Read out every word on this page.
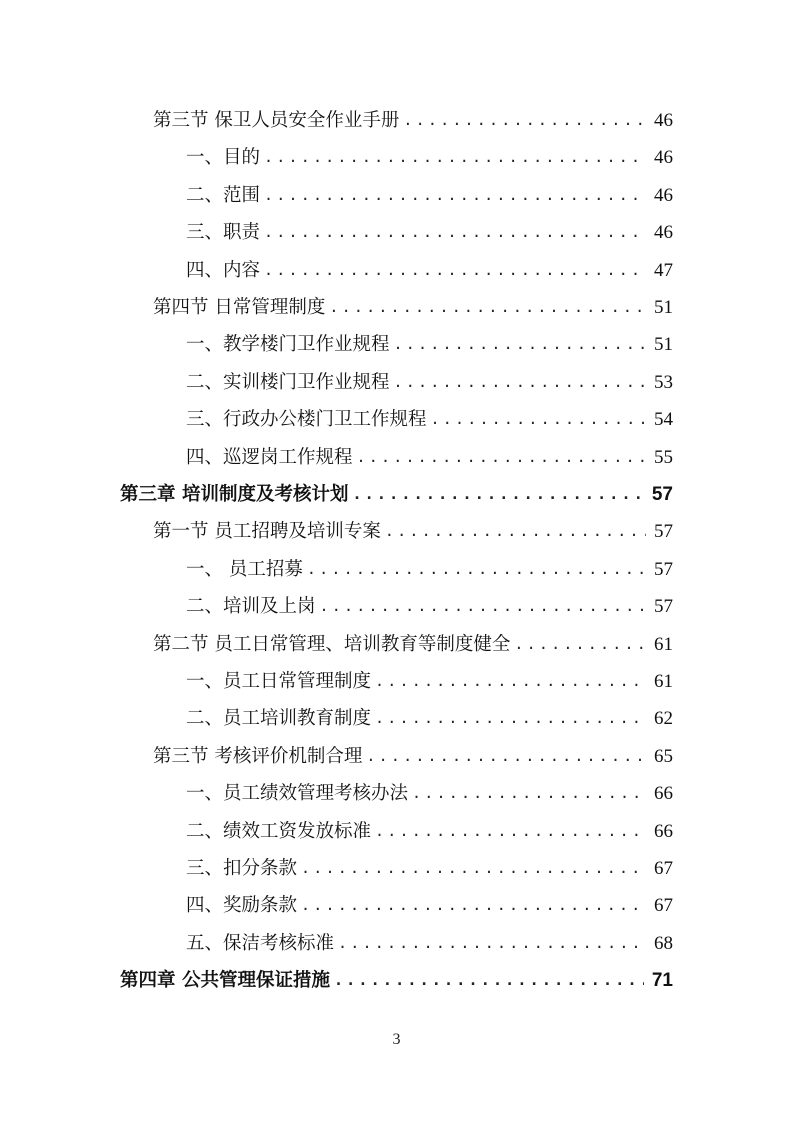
第三节 保卫人员安全作业手册 .....	46
一、目的 .....	46
二、范围 .....	46
三、职责 .....	46
四、内容 .....	47
第四节 日常管理制度 .....	51
一、教学楼门卫作业规程 .....	51
二、实训楼门卫作业规程 .....	53
三、行政办公楼门卫工作规程 .....	54
四、巡逻岗工作规程 .....	55
第三章 培训制度及考核计划 .....	57
第一节 员工招聘及培训专案 .....	57
一、 员工招募 .....	57
二、培训及上岗 .....	57
第二节 员工日常管理、培训教育等制度健全 .....	61
一、员工日常管理制度 .....	61
二、员工培训教育制度 .....	62
第三节 考核评价机制合理 .....	65
一、员工绩效管理考核办法 .....	66
二、绩效工资发放标准 .....	66
三、扣分条款 .....	67
四、奖励条款 .....	67
五、保洁考核标准 .....	68
第四章 公共管理保证措施 .....	71
3
